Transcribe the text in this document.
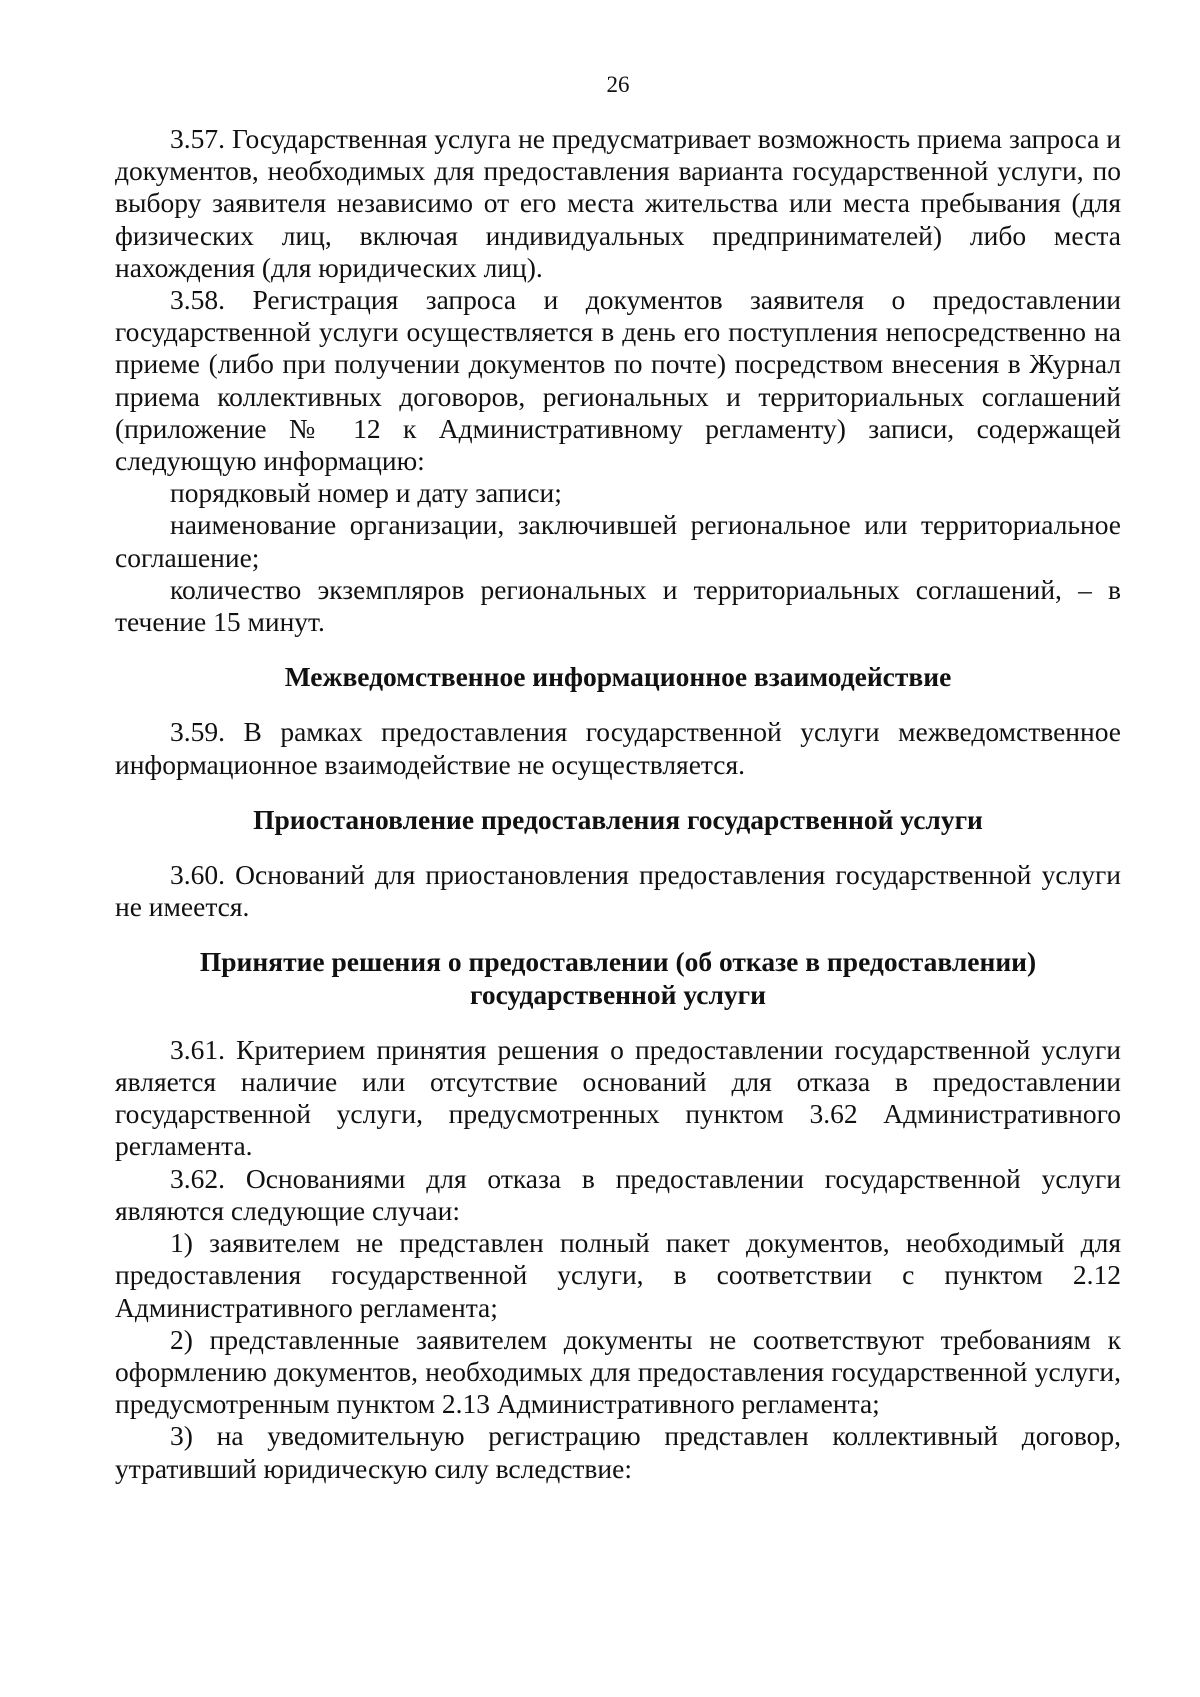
26

3.57. Государственная услуга не предусматривает возможность приема запроса и документов, необходимых для предоставления варианта государственной услуги, по выбору заявителя независимо от его места жительства или места пребывания (для физических лиц, включая индивидуальных предпринимателей) либо места нахождения (для юридических лиц).

3.58. Регистрация запроса и документов заявителя о предоставлении государственной услуги осуществляется в день его поступления непосредственно на приеме (либо при получении документов по почте) посредством внесения в Журнал приема коллективных договоров, региональных и территориальных соглашений (приложение № 12 к Административному регламенту) записи, содержащей следующую информацию:

порядковый номер и дату записи;

наименование организации, заключившей региональное или территориальное соглашение;

количество экземпляров региональных и территориальных соглашений, – в течение 15 минут.

Межведомственное информационное взаимодействие

3.59. В рамках предоставления государственной услуги межведомственное информационное взаимодействие не осуществляется.

Приостановление предоставления государственной услуги

3.60. Оснований для приостановления предоставления государственной услуги не имеется.

Принятие решения о предоставлении (об отказе в предоставлении)

государственной услуги

3.61. Критерием принятия решения о предоставлении государственной услуги является наличие или отсутствие оснований для отказа в предоставлении государственной услуги, предусмотренных пунктом 3.62 Административного регламента.

3.62. Основаниями для отказа в предоставлении государственной услуги являются следующие случаи:

1) заявителем не представлен полный пакет документов, необходимый для предоставления государственной услуги, в соответствии с пунктом 2.12 Административного регламента;

2) представленные заявителем документы не соответствуют требованиям к оформлению документов, необходимых для предоставления государственной услуги, предусмотренным пунктом 2.13 Административного регламента;

3) на уведомительную регистрацию представлен коллективный договор, утративший юридическую силу вследствие:
